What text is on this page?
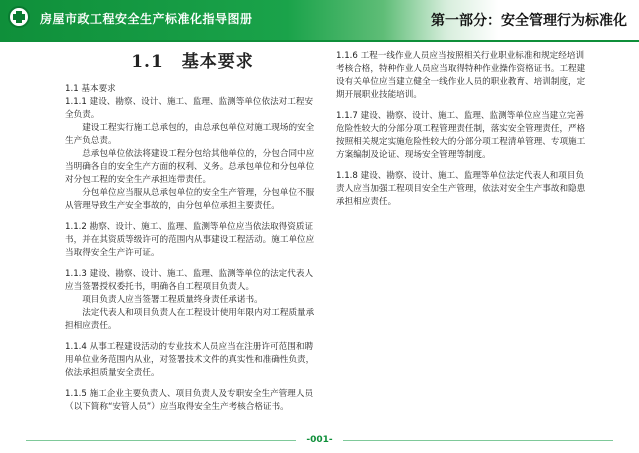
房屋市政工程安全生产标准化指导图册	第一部分：安全管理行为标准化
1.1　基本要求

1.1 基本要求

1.1.1 建设、勘察、设计、施工、监理、监测等单位依法对工程安全负责。

建设工程实行施工总承包的，由总承包单位对施工现场的安全生产负总责。

总承包单位依法将建设工程分包给其他单位的，分包合同中应当明确各自的安全生产方面的权利、义务。总承包单位和分包单位对分包工程的安全生产承担连带责任。

分包单位应当服从总承包单位的安全生产管理，分包单位不服从管理导致生产安全事故的，由分包单位承担主要责任。

1.1.2 勘察、设计、施工、监理、监测等单位应当依法取得资质证书，并在其资质等级许可的范围内从事建设工程活动。施工单位应当取得安全生产许可证。

1.1.3 建设、勘察、设计、施工、监理、监测等单位的法定代表人应当签署授权委托书，明确各自工程项目负责人。

项目负责人应当签署工程质量终身责任承诺书。

法定代表人和项目负责人在工程设计使用年限内对工程质量承担相应责任。

1.1.4 从事工程建设活动的专业技术人员应当在注册许可范围和聘用单位业务范围内从业，对签署技术文件的真实性和准确性负责，依法承担质量安全责任。

1.1.5 施工企业主要负责人、项目负责人及专职安全生产管理人员（以下简称“安管人员”）应当取得安全生产考核合格证书。

1.1.6 工程一线作业人员应当按照相关行业职业标准和规定经培训考核合格，特种作业人员应当取得特种作业操作资格证书。工程建设有关单位应当建立健全一线作业人员的职业教育、培训制度，定期开展职业技能培训。

1.1.7 建设、勘察、设计、施工、监理、监测等单位应当建立完善危险性较大的分部分项工程管理责任制，落实安全管理责任，严格按照相关规定实施危险性较大的分部分项工程清单管理、专项施工方案编制及论证、现场安全管理等制度。

1.1.8 建设、勘察、设计、施工、监理等单位法定代表人和项目负责人应当加强工程项目安全生产管理，依法对安全生产事故和隐患承担相应责任。

-001-
